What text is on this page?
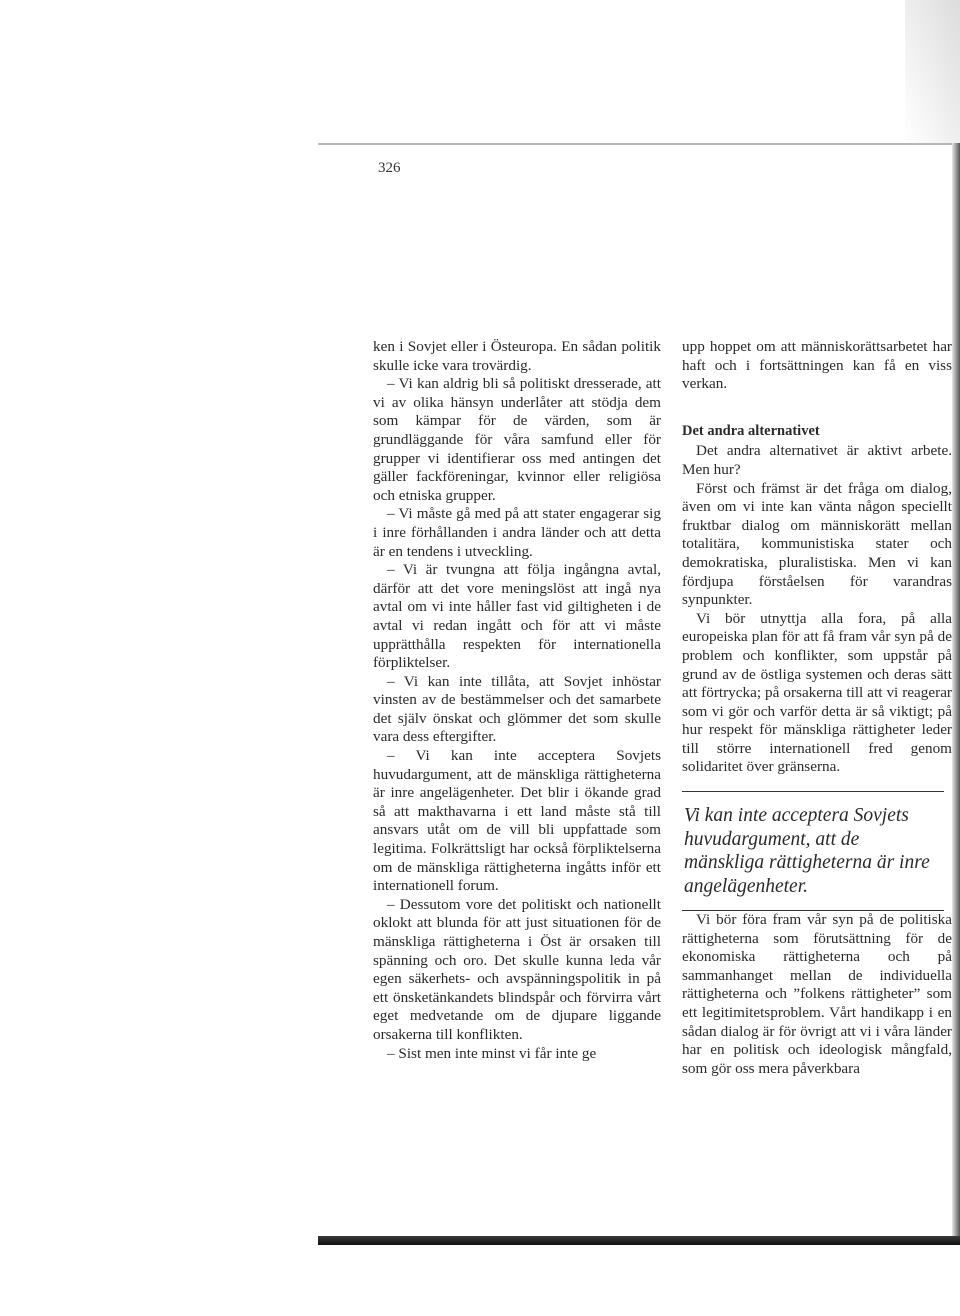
326

ken i Sovjet eller i Östeuropa. En sådan politik skulle icke vara trovärdig.

– Vi kan aldrig bli så politiskt dresserade, att vi av olika hänsyn underlåter att stödja dem som kämpar för de värden, som är grundläggande för våra samfund eller för grupper vi identifierar oss med antingen det gäller fackföreningar, kvinnor eller religiösa och etniska grupper.

– Vi måste gå med på att stater engagerar sig i inre förhållanden i andra länder och att detta är en tendens i utveckling.

– Vi är tvungna att följa ingångna avtal, därför att det vore meningslöst att ingå nya avtal om vi inte håller fast vid giltigheten i de avtal vi redan ingått och för att vi måste upprätthålla respekten för internationella förpliktelser.

– Vi kan inte tillåta, att Sovjet inhöstar vinsten av de bestämmelser och det samarbete det själv önskat och glömmer det som skulle vara dess eftergifter.

– Vi kan inte acceptera Sovjets huvudargument, att de mänskliga rättigheterna är inre angelägenheter. Det blir i ökande grad så att makthavarna i ett land måste stå till ansvars utåt om de vill bli uppfattade som legitima. Folkrättsligt har också förpliktelserna om de mänskliga rättigheterna ingåtts inför ett internationell forum.

– Dessutom vore det politiskt och nationellt oklokt att blunda för att just situationen för de mänskliga rättigheterna i Öst är orsaken till spänning och oro. Det skulle kunna leda vår egen säkerhets- och avspänningspolitik in på ett önsketänkandets blindspår och förvirra vårt eget medvetande om de djupare liggande orsakerna till konflikten.

– Sist men inte minst vi får inte ge

upp hoppet om att människorättsarbetet har haft och i fortsättningen kan få en viss verkan.

Det andra alternativet

Det andra alternativet är aktivt arbete. Men hur?

Först och främst är det fråga om dialog, även om vi inte kan vänta någon speciellt fruktbar dialog om människorätt mellan totalitära, kommunistiska stater och demokratiska, pluralistiska. Men vi kan fördjupa förståelsen för varandras synpunkter.

Vi bör utnyttja alla fora, på alla europeiska plan för att få fram vår syn på de problem och konflikter, som uppstår på grund av de östliga systemen och deras sätt att förtrycka; på orsakerna till att vi reagerar som vi gör och varför detta är så viktigt; på hur respekt för mänskliga rättigheter leder till större internationell fred genom solidaritet över gränserna.

Vi kan inte acceptera Sovjets huvudargument, att de mänskliga rättigheterna är inre angelägenheter.

Vi bör föra fram vår syn på de politiska rättigheterna som förutsättning för de ekonomiska rättigheterna och på sammanhanget mellan de individuella rättigheterna och ”folkens rättigheter” som ett legitimitetsproblem. Vårt handikapp i en sådan dialog är för övrigt att vi i våra länder har en politisk och ideologisk mångfald, som gör oss mera påverkbara
